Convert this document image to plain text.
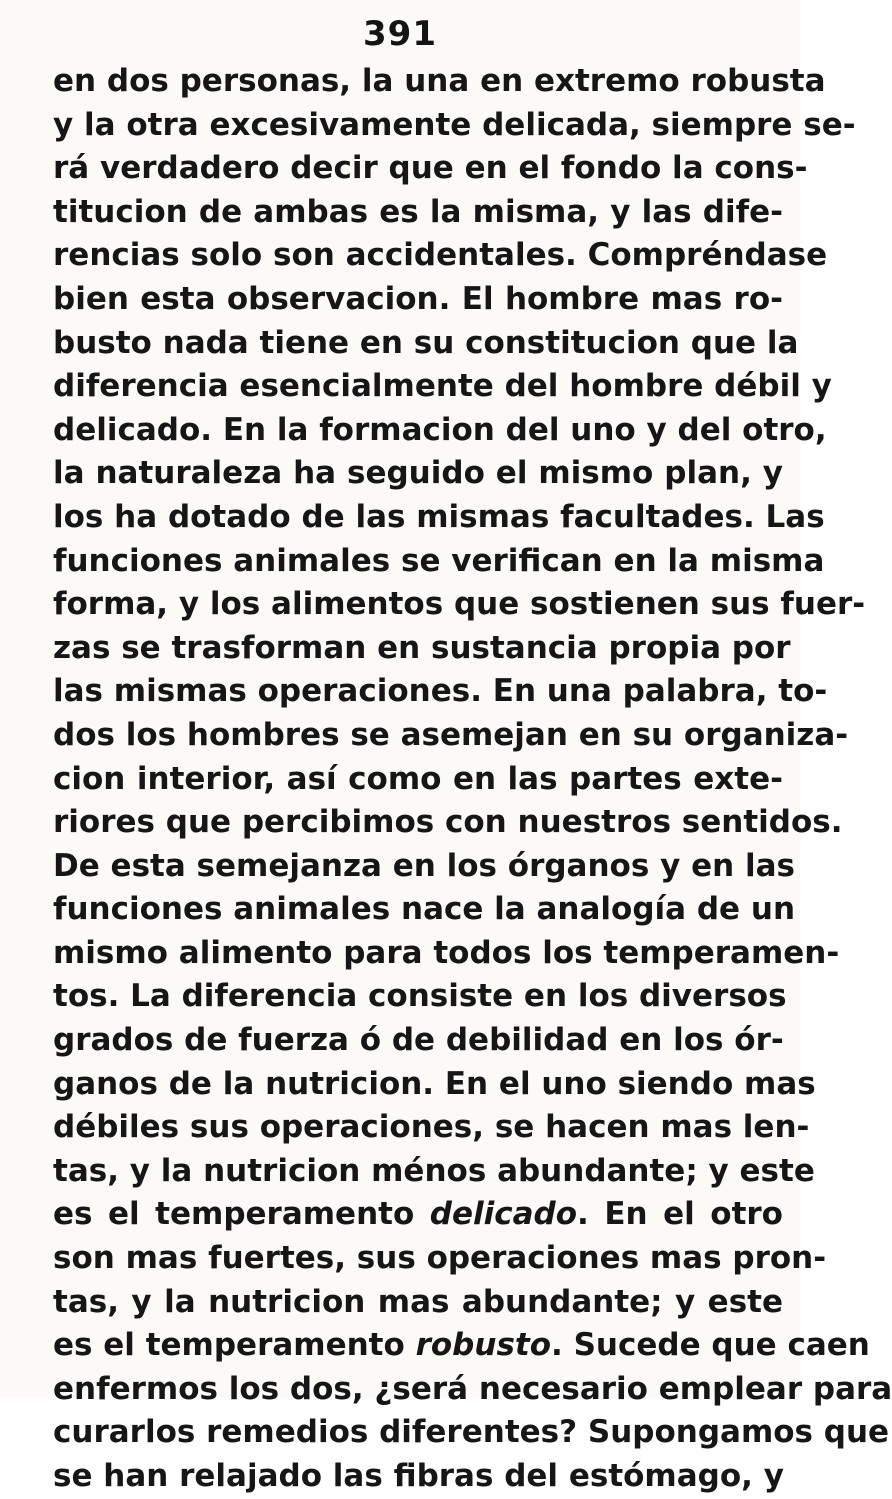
391
en dos personas, la una en extremo robusta
y la otra excesivamente delicada, siempre se-
rá verdadero decir que en el fondo la cons-
titucion de ambas es la misma, y las dife-
rencias solo son accidentales. Compréndase
bien esta observacion. El hombre mas ro-
busto nada tiene en su constitucion que la
diferencia esencialmente del hombre débil y
delicado. En la formacion del uno y del otro,
la naturaleza ha seguido el mismo plan, y
los ha dotado de las mismas facultades. Las
funciones animales se verifican en la misma
forma, y los alimentos que sostienen sus fuer-
zas se trasforman en sustancia propia por
las mismas operaciones. En una palabra, to-
dos los hombres se asemejan en su organiza-
cion interior, así como en las partes exte-
riores que percibimos con nuestros sentidos.
De esta semejanza en los órganos y en las
funciones animales nace la analogía de un
mismo alimento para todos los temperamen-
tos. La diferencia consiste en los diversos
grados de fuerza ó de debilidad en los ór-
ganos de la nutricion. En el uno siendo mas
débiles sus operaciones, se hacen mas len-
tas, y la nutricion ménos abundante; y este
es el temperamento delicado. En el otro
son mas fuertes, sus operaciones mas pron-
tas, y la nutricion mas abundante; y este
es el temperamento robusto. Sucede que caen
enfermos los dos, ¿será necesario emplear para
curarlos remedios diferentes? Supongamos que
se han relajado las fibras del estómago, y
